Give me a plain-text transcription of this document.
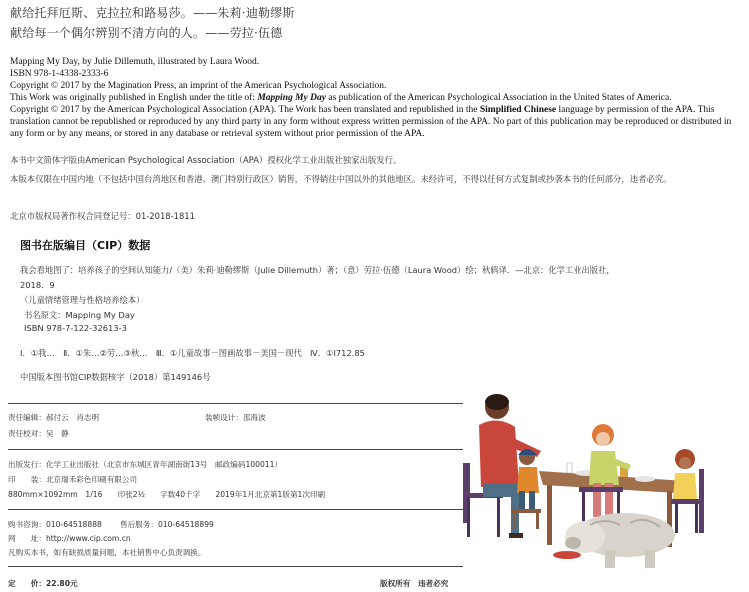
献给托拜厄斯、克拉拉和路易莎。——朱莉·迪勒缪斯
献给每一个偶尔辨别不清方向的人。——劳拉·伍德
Mapping My Day, by Julie Dillemuth, illustrated by Laura Wood.
ISBN 978-1-4338-2333-6
Copyright © 2017 by the Magination Press, an imprint of the American Psychological Association.
This Work was originally published in English under the title of: Mapping My Day as publication of the American Psychological Association in the United States of America.
Copyright © 2017 by the American Psychological Association (APA). The Work has been translated and republished in the Simplified Chinese language by permission of the APA. This translation cannot be republished or reproduced by any third party in any form without express written permission of the APA. No part of this publication may be reproduced or distributed in any form or by any means, or stored in any database or retrieval system without prior permission of the APA.
本书中文简体字版由American Psychological Association（APA）授权化学工业出版社独家出版发行。
本版本仅限在中国内地（不包括中国台湾地区和香港、澳门特别行政区）销售，不得销往中国以外的其他地区。未经许可，不得以任何方式复制或抄袭本书的任何部分，违者必究。
北京市版权局著作权合同登记号：01-2018-1811
图书在版编目（CIP）数据
我会看地图了：培养孩子的空间认知能力/（美）朱莉·迪勒缪斯（Julie Dillemuth）著；（意）劳拉·伍德（Laura Wood）绘；秋鸫译．—北京：化学工业出版社，
2018．9
（儿童情绪管理与性格培养绘本）
书名原文：Mapping My Day
ISBN 978-7-122-32613-3
Ⅰ．①我…　Ⅱ．①朱…②劳…③秋…　Ⅲ．①儿童故事－图画故事－美国－现代　Ⅳ．①I712.85
中国版本图书馆CIP数据核字（2018）第149146号
责任编辑：郝付云　肖志明	装帧设计：邵海波
责任校对：吴　静
出版发行：化学工业出版社（北京市东城区青年湖南街13号　邮政编码100011）
印　　装：北京瑞禾彩色印刷有限公司
880mm×1092mm　1/16　　印张2½　　字数40千字　　2019年1月北京第1版第1次印刷
购书咨询：010-64518888 售后服务：010-64518899
网　　址：http://www.cip.com.cn
凡购买本书，如有缺损质量问题，本社销售中心负责调换。
定　　价：22.80元	版权所有　违者必究
